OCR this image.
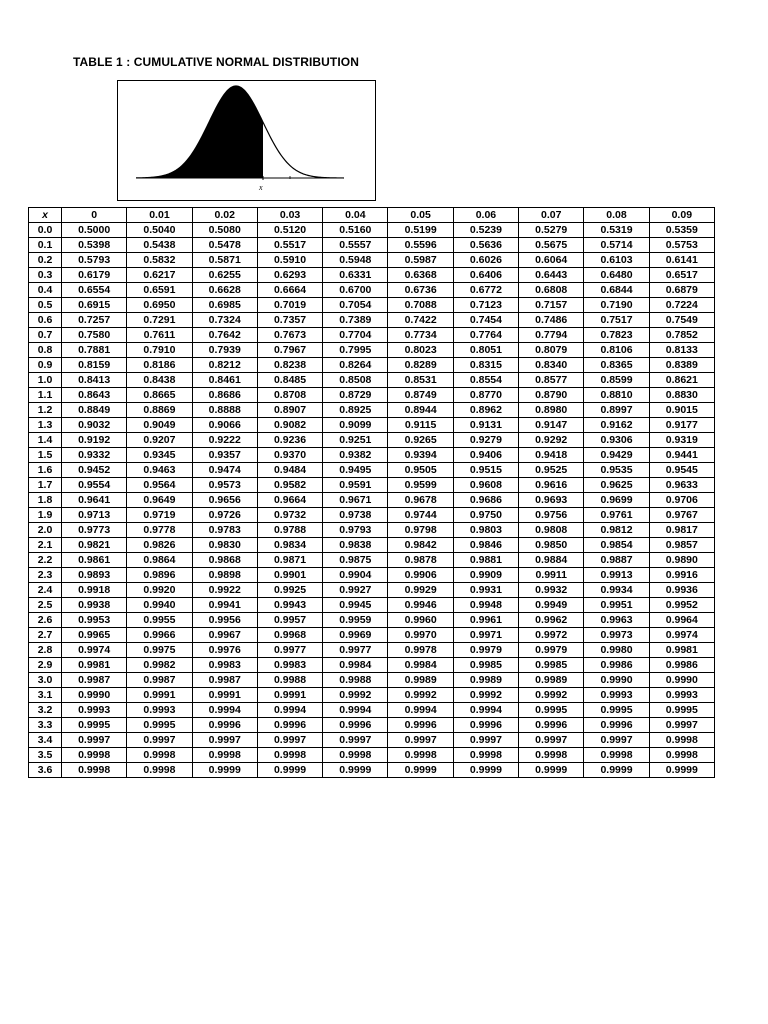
TABLE 1 : CUMULATIVE NORMAL DISTRIBUTION
x
x	0	0.01	0.02	0.03	0.04	0.05	0.06	0.07	0.08	0.09
0.0	0.5000	0.5040	0.5080	0.5120	0.5160	0.5199	0.5239	0.5279	0.5319	0.5359
0.1	0.5398	0.5438	0.5478	0.5517	0.5557	0.5596	0.5636	0.5675	0.5714	0.5753
0.2	0.5793	0.5832	0.5871	0.5910	0.5948	0.5987	0.6026	0.6064	0.6103	0.6141
0.3	0.6179	0.6217	0.6255	0.6293	0.6331	0.6368	0.6406	0.6443	0.6480	0.6517
0.4	0.6554	0.6591	0.6628	0.6664	0.6700	0.6736	0.6772	0.6808	0.6844	0.6879
0.5	0.6915	0.6950	0.6985	0.7019	0.7054	0.7088	0.7123	0.7157	0.7190	0.7224
0.6	0.7257	0.7291	0.7324	0.7357	0.7389	0.7422	0.7454	0.7486	0.7517	0.7549
0.7	0.7580	0.7611	0.7642	0.7673	0.7704	0.7734	0.7764	0.7794	0.7823	0.7852
0.8	0.7881	0.7910	0.7939	0.7967	0.7995	0.8023	0.8051	0.8079	0.8106	0.8133
0.9	0.8159	0.8186	0.8212	0.8238	0.8264	0.8289	0.8315	0.8340	0.8365	0.8389
1.0	0.8413	0.8438	0.8461	0.8485	0.8508	0.8531	0.8554	0.8577	0.8599	0.8621
1.1	0.8643	0.8665	0.8686	0.8708	0.8729	0.8749	0.8770	0.8790	0.8810	0.8830
1.2	0.8849	0.8869	0.8888	0.8907	0.8925	0.8944	0.8962	0.8980	0.8997	0.9015
1.3	0.9032	0.9049	0.9066	0.9082	0.9099	0.9115	0.9131	0.9147	0.9162	0.9177
1.4	0.9192	0.9207	0.9222	0.9236	0.9251	0.9265	0.9279	0.9292	0.9306	0.9319
1.5	0.9332	0.9345	0.9357	0.9370	0.9382	0.9394	0.9406	0.9418	0.9429	0.9441
1.6	0.9452	0.9463	0.9474	0.9484	0.9495	0.9505	0.9515	0.9525	0.9535	0.9545
1.7	0.9554	0.9564	0.9573	0.9582	0.9591	0.9599	0.9608	0.9616	0.9625	0.9633
1.8	0.9641	0.9649	0.9656	0.9664	0.9671	0.9678	0.9686	0.9693	0.9699	0.9706
1.9	0.9713	0.9719	0.9726	0.9732	0.9738	0.9744	0.9750	0.9756	0.9761	0.9767
2.0	0.9773	0.9778	0.9783	0.9788	0.9793	0.9798	0.9803	0.9808	0.9812	0.9817
2.1	0.9821	0.9826	0.9830	0.9834	0.9838	0.9842	0.9846	0.9850	0.9854	0.9857
2.2	0.9861	0.9864	0.9868	0.9871	0.9875	0.9878	0.9881	0.9884	0.9887	0.9890
2.3	0.9893	0.9896	0.9898	0.9901	0.9904	0.9906	0.9909	0.9911	0.9913	0.9916
2.4	0.9918	0.9920	0.9922	0.9925	0.9927	0.9929	0.9931	0.9932	0.9934	0.9936
2.5	0.9938	0.9940	0.9941	0.9943	0.9945	0.9946	0.9948	0.9949	0.9951	0.9952
2.6	0.9953	0.9955	0.9956	0.9957	0.9959	0.9960	0.9961	0.9962	0.9963	0.9964
2.7	0.9965	0.9966	0.9967	0.9968	0.9969	0.9970	0.9971	0.9972	0.9973	0.9974
2.8	0.9974	0.9975	0.9976	0.9977	0.9977	0.9978	0.9979	0.9979	0.9980	0.9981
2.9	0.9981	0.9982	0.9983	0.9983	0.9984	0.9984	0.9985	0.9985	0.9986	0.9986
3.0	0.9987	0.9987	0.9987	0.9988	0.9988	0.9989	0.9989	0.9989	0.9990	0.9990
3.1	0.9990	0.9991	0.9991	0.9991	0.9992	0.9992	0.9992	0.9992	0.9993	0.9993
3.2	0.9993	0.9993	0.9994	0.9994	0.9994	0.9994	0.9994	0.9995	0.9995	0.9995
3.3	0.9995	0.9995	0.9996	0.9996	0.9996	0.9996	0.9996	0.9996	0.9996	0.9997
3.4	0.9997	0.9997	0.9997	0.9997	0.9997	0.9997	0.9997	0.9997	0.9997	0.9998
3.5	0.9998	0.9998	0.9998	0.9998	0.9998	0.9998	0.9998	0.9998	0.9998	0.9998
3.6	0.9998	0.9998	0.9999	0.9999	0.9999	0.9999	0.9999	0.9999	0.9999	0.9999
